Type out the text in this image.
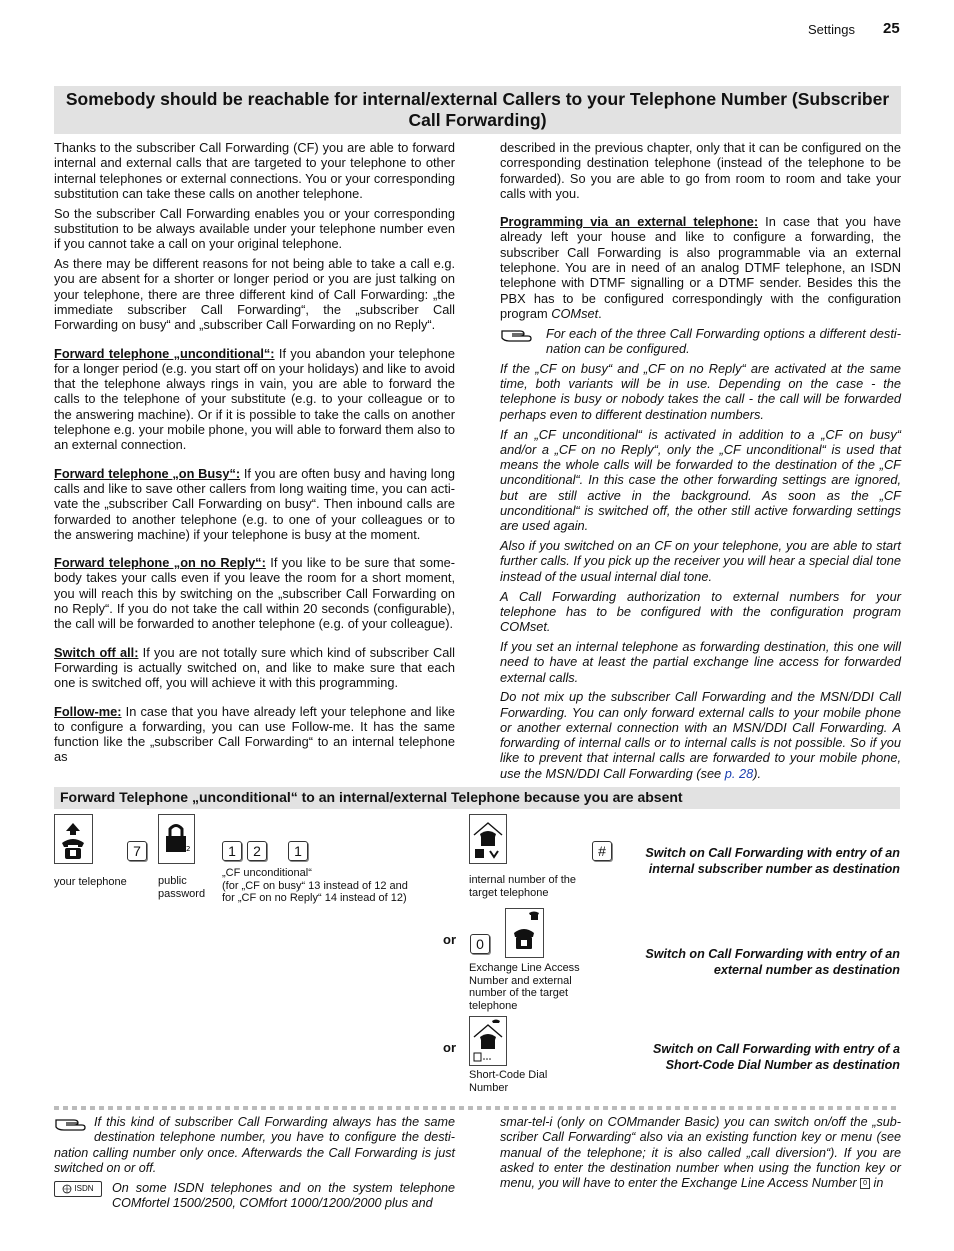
Settings 25
Somebody should be reachable for internal/external Callers to your Telephone Number (Subscriber Call Forwarding)

Thanks to the subscriber Call Forwarding (CF) you are able to forward internal and external calls that are targeted to your telephone to other internal telephones or external connections. You or your corresponding substitution can take these calls on another telephone.

So the subscriber Call Forwarding enables you or your corresponding substitution to be always available under your telephone number even if you cannot take a call on your original telephone.

As there may be different reasons for not being able to take a call e.g. you are absent for a shorter or longer period or you are just talking on your telephone, there are three different kind of Call Forwarding: „the immediate subscriber Call Forwarding“, the „subscriber Call Forwarding on busy“ and „subscriber Call Forwarding on no Reply“.

Forward telephone „unconditional“: If you abandon your telephone for a longer period (e.g. you start off on your holidays) and like to avoid that the telephone always rings in vain, you are able to forward the calls to the telephone of your substitute (e.g. to your colleague or to the answering machine). Or if it is possible to take the calls on another telephone e.g. your mobile phone, you will able to forward them also to an external connection.

Forward telephone „on Busy“: If you are often busy and having long calls and like to save other callers from long waiting time, you can activate the „subscriber Call Forwarding on busy“. Then inbound calls are forwarded to another telephone (e.g. to one of your colleagues or to the answering machine) if your telephone is busy at the moment.

Forward telephone „on no Reply“: If you like to be sure that somebody takes your calls even if you leave the room for a short moment, you will reach this by switching on the „subscriber Call Forwarding on no Reply“. If you do not take the call within 20 seconds (configurable), the call will be forwarded to another telephone (e.g. of your colleague).

Switch off all: If you are not totally sure which kind of subscriber Call Forwarding is actually switched on, and like to make sure that each one is switched off, you will achieve it with this programming.

Follow-me: In case that you have already left your telephone and like to configure a forwarding, you can use Follow-me. It has the same function like the „subscriber Call Forwarding“ to an internal telephone as

described in the previous chapter, only that it can be configured on the corresponding destination telephone (instead of the telephone to be forwarded). So you are able to go from room to room and take your calls with you.

Programming via an external telephone: In case that you have already left your house and like to configure a forwarding, the subscriber Call Forwarding is also programmable via an external telephone. You are in need of an analog DTMF telephone, an ISDN telephone with DTMF signalling or a DTMF sender. Besides this the PBX has to be configured correspondingly with the configuration program COMset.

For each of the three Call Forwarding options a different destination can be configured.

If the „CF on busy“ and „CF on no Reply“ are activated at the same time, both variants will be in use. Depending on the case - the telephone is busy or nobody takes the call - the call will be forwarded perhaps even to different destination numbers.

If an „CF unconditional“ is activated in addition to a „CF on busy“ and/or a „CF on no Reply“, only the „CF unconditional“ is used that means the whole calls will be forwarded to the destination of the „CF unconditional“. In this case the other forwarding settings are ignored, but are still active in the background. As soon as the „CF unconditional“ is switched off, the other still active forwarding settings are used again.

Also if you switched on an CF on your telephone, you are able to start further calls. If you pick up the receiver you will hear a special dial tone instead of the usual internal dial tone.

A Call Forwarding authorization to external numbers for your telephone has to be configured with the configuration program COMset.

If you set an internal telephone as forwarding destination, this one will need to have at least the partial exchange line access for forwarded external calls.

Do not mix up the subscriber Call Forwarding and the MSN/DDI Call Forwarding. You can only forward external calls to your mobile phone or another external connection with an MSN/DDI Call Forwarding. A forwarding of internal calls or to internal calls is not possible. So if you like to prevent that internal calls are forwarded to your mobile phone, use the MSN/DDI Call Forwarding (see p. 28).

Forward Telephone „unconditional“ to an internal/external Telephone because you are absent
7	2	1	2	1	#
your telephone	public password
„CF unconditional“
(for „CF on busy“ 13 instead of 12 and for „CF on no Reply“ 14 instead of 12)
internal number of the target telephone
Switch on Call Forwarding with entry of an internal subscriber number as destination
or	0
Exchange Line Access Number and external number of the target telephone
Switch on Call Forwarding with entry of an external number as destination
or
Short-Code Dial Number
Switch on Call Forwarding with entry of a Short-Code Dial Number as destination
If this kind of subscriber Call Forwarding always has the same destination telephone number, you have to configure the destination calling number only once. Afterwards the Call Forwarding is just switched on or off.
ISDN On some ISDN telephones and on the system telephone COMfortel 1500/2500, COMfort 1000/1200/2000 plus and
smar-tel-i (only on COMmander Basic) you can switch on/off the „subscriber Call Forwarding“ also via an existing function key or menu (see manual of the telephone; it is also called „call diversion“). If you are asked to enter the destination number when using the function key or menu, you will have to enter the Exchange Line Access Number 0 in
